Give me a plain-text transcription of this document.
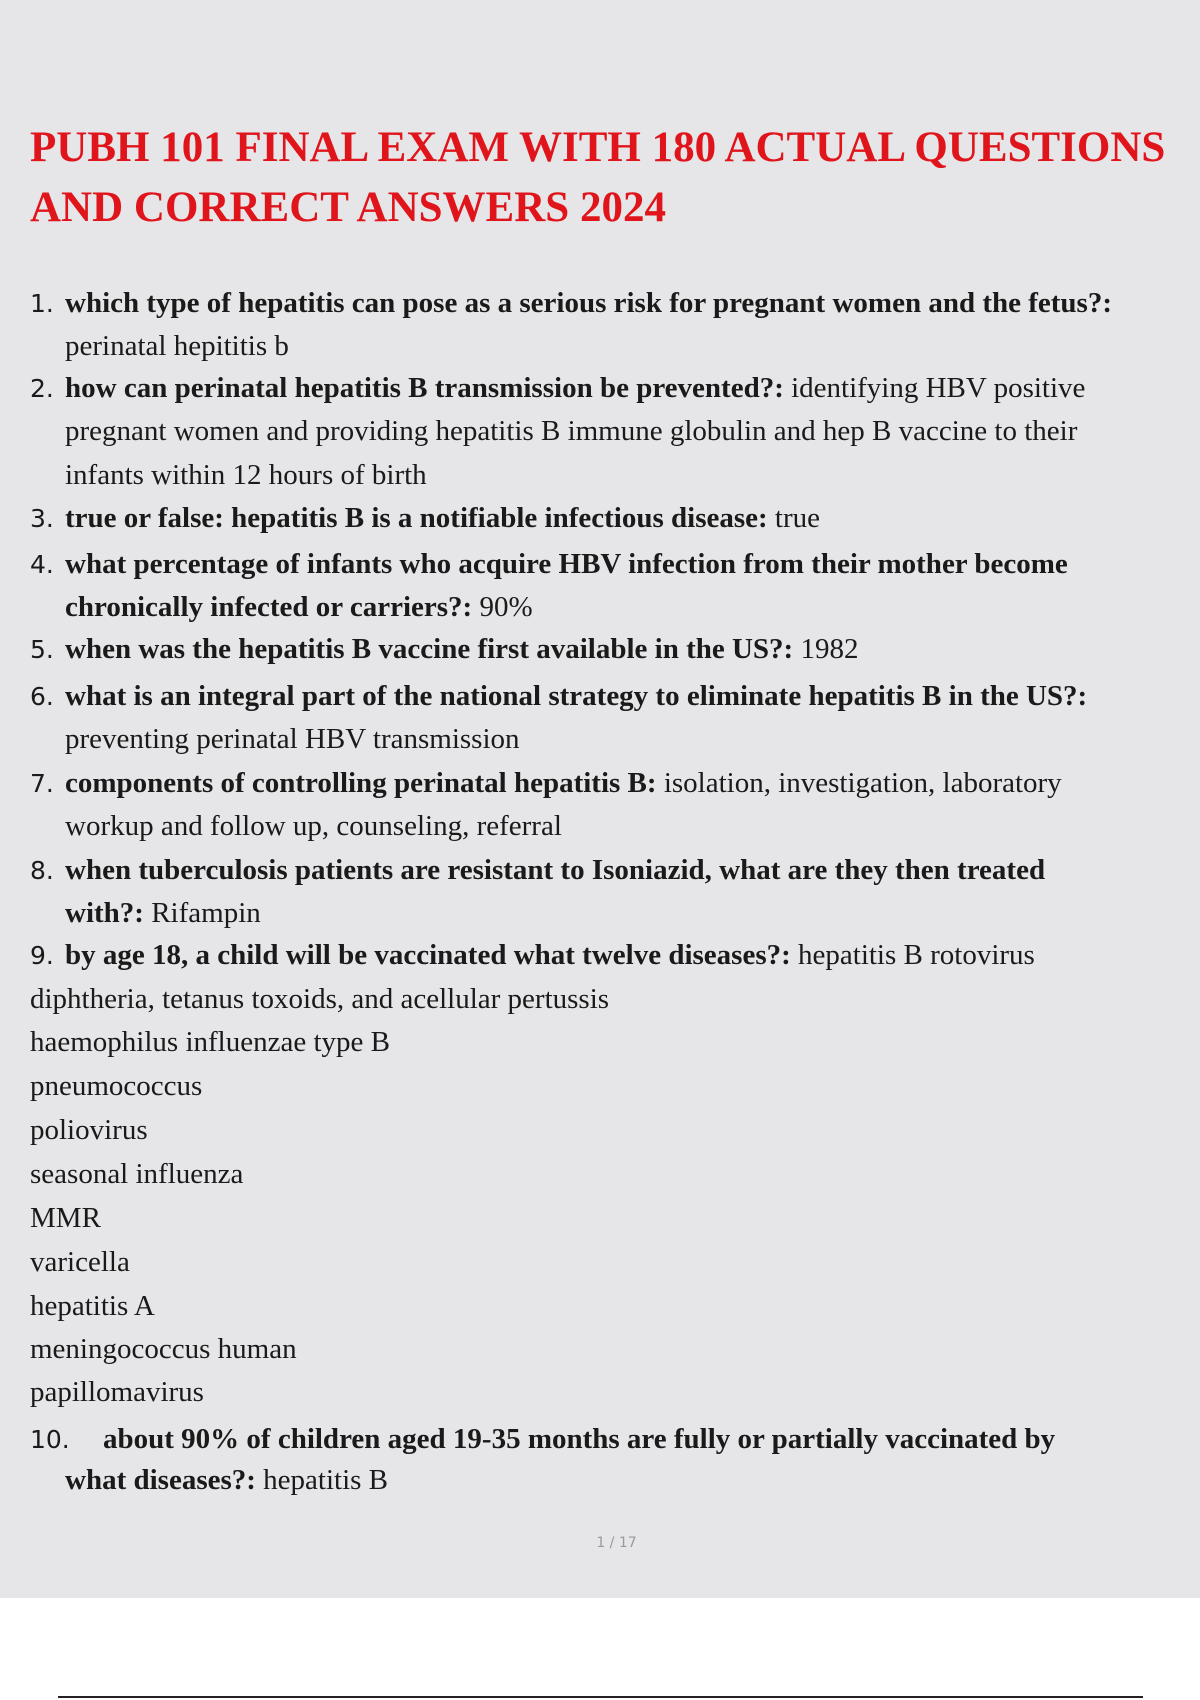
PUBH 101 FINAL EXAM WITH 180 ACTUAL QUESTIONS
AND CORRECT ANSWERS 2024
1. which type of hepatitis can pose as a serious risk for pregnant women and the fetus?:
perinatal hepititis b
2. how can perinatal hepatitis B transmission be prevented?: identifying HBV positive
pregnant women and providing hepatitis B immune globulin and hep B vaccine to their
infants within 12 hours of birth
3. true or false: hepatitis B is a notifiable infectious disease: true
4. what percentage of infants who acquire HBV infection from their mother become
chronically infected or carriers?: 90%
5. when was the hepatitis B vaccine first available in the US?: 1982
6. what is an integral part of the national strategy to eliminate hepatitis B in the US?:
preventing perinatal HBV transmission
7. components of controlling perinatal hepatitis B: isolation, investigation, laboratory
workup and follow up, counseling, referral
8. when tuberculosis patients are resistant to Isoniazid, what are they then treated
with?: Rifampin
9. by age 18, a child will be vaccinated what twelve diseases?: hepatitis B rotovirus
diphtheria, tetanus toxoids, and acellular pertussis
haemophilus influenzae type B
pneumococcus
poliovirus
seasonal influenza
MMR
varicella
hepatitis A
meningococcus human
papillomavirus
10. about 90% of children aged 19-35 months are fully or partially vaccinated by
what diseases?: hepatitis B
1 / 17
